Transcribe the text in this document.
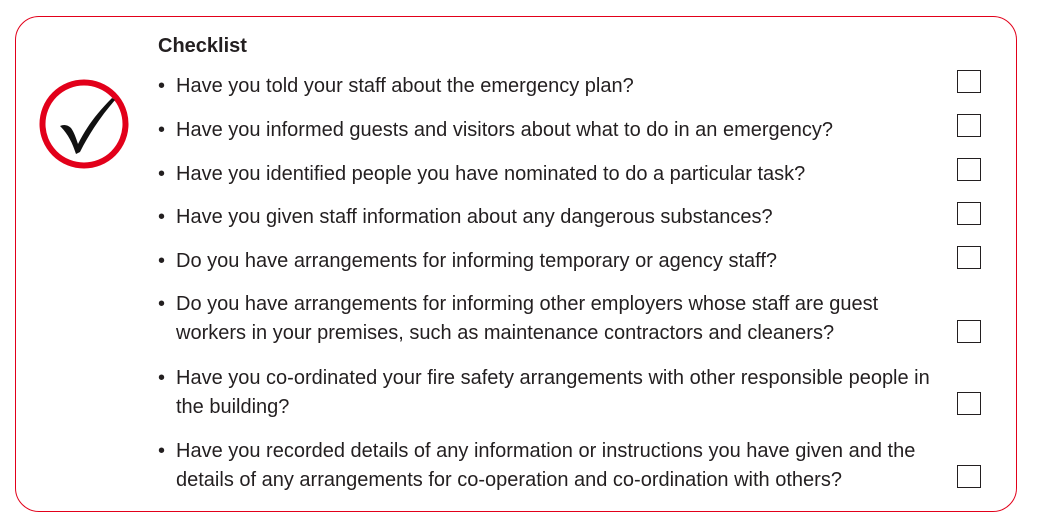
Checklist

• Have you told your staff about the emergency plan?

• Have you informed guests and visitors about what to do in an emergency?

• Have you identified people you have nominated to do a particular task?

• Have you given staff information about any dangerous substances?

• Do you have arrangements for informing temporary or agency staff?

• Do you have arrangements for informing other employers whose staff are guest workers in your premises, such as maintenance contractors and cleaners?

• Have you co-ordinated your fire safety arrangements with other responsible people in the building?

• Have you recorded details of any information or instructions you have given and the details of any arrangements for co-operation and co-ordination with others?
